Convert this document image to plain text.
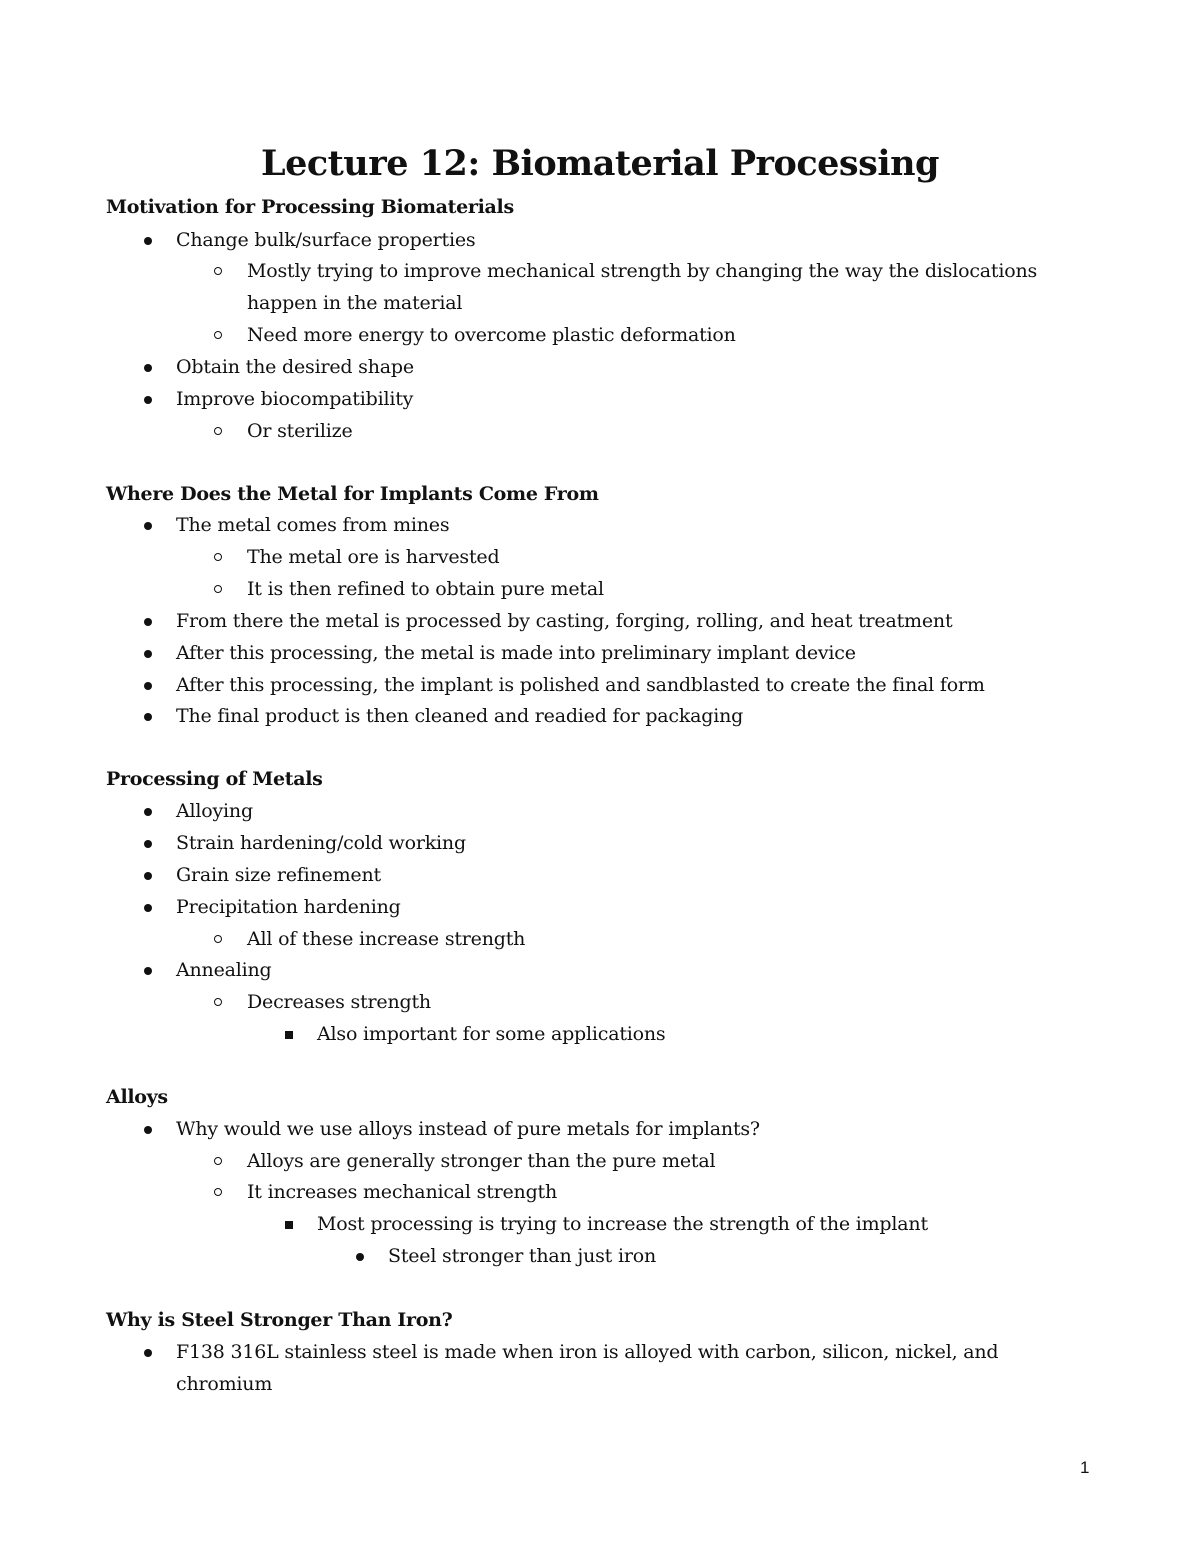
Lecture 12: Biomaterial Processing
Motivation for Processing Biomaterials
Change bulk/surface properties
Mostly trying to improve mechanical strength by changing the way the dislocations
happen in the material
Need more energy to overcome plastic deformation
Obtain the desired shape
Improve biocompatibility
Or sterilize
Where Does the Metal for Implants Come From
The metal comes from mines
The metal ore is harvested
It is then refined to obtain pure metal
From there the metal is processed by casting, forging, rolling, and heat treatment
After this processing, the metal is made into preliminary implant device
After this processing, the implant is polished and sandblasted to create the final form
The final product is then cleaned and readied for packaging
Processing of Metals
Alloying
Strain hardening/cold working
Grain size refinement
Precipitation hardening
All of these increase strength
Annealing
Decreases strength
Also important for some applications
Alloys
Why would we use alloys instead of pure metals for implants?
Alloys are generally stronger than the pure metal
It increases mechanical strength
Most processing is trying to increase the strength of the implant
Steel stronger than just iron
Why is Steel Stronger Than Iron?
F138 316L stainless steel is made when iron is alloyed with carbon, silicon, nickel, and
chromium
1
